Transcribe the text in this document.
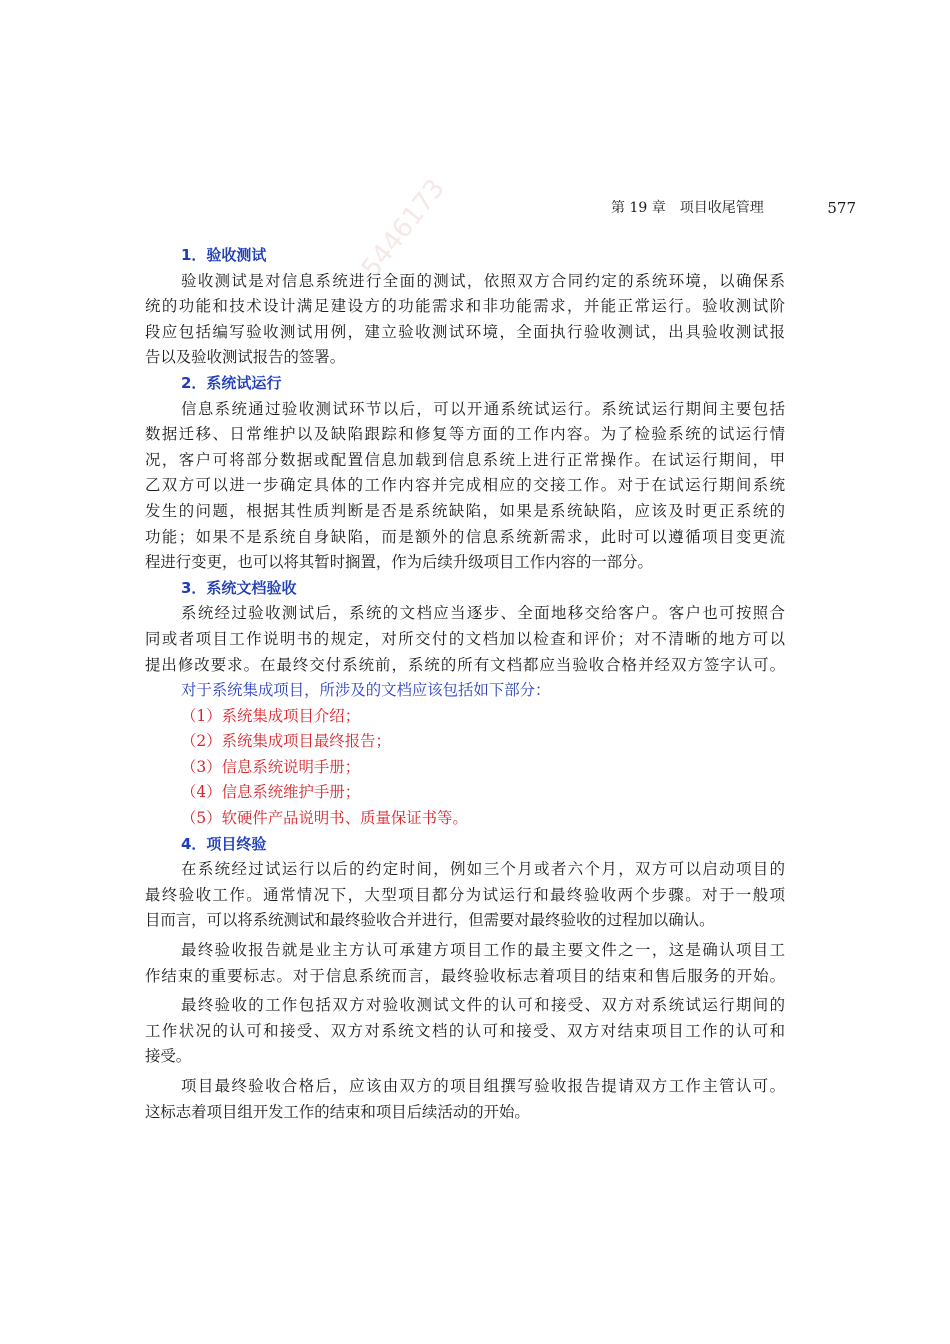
5446173	第 19 章　项目收尾管理	577
1．验收测试
验收测试是对信息系统进行全面的测试，依照双方合同约定的系统环境，以确保系
统的功能和技术设计满足建设方的功能需求和非功能需求，并能正常运行。验收测试阶
段应包括编写验收测试用例，建立验收测试环境，全面执行验收测试，出具验收测试报
告以及验收测试报告的签署。
2．系统试运行
信息系统通过验收测试环节以后，可以开通系统试运行。系统试运行期间主要包括
数据迁移、日常维护以及缺陷跟踪和修复等方面的工作内容。为了检验系统的试运行情
况，客户可将部分数据或配置信息加载到信息系统上进行正常操作。在试运行期间，甲
乙双方可以进一步确定具体的工作内容并完成相应的交接工作。对于在试运行期间系统
发生的问题，根据其性质判断是否是系统缺陷，如果是系统缺陷，应该及时更正系统的
功能；如果不是系统自身缺陷，而是额外的信息系统新需求，此时可以遵循项目变更流
程进行变更，也可以将其暂时搁置，作为后续升级项目工作内容的一部分。
3．系统文档验收
系统经过验收测试后，系统的文档应当逐步、全面地移交给客户。客户也可按照合
同或者项目工作说明书的规定，对所交付的文档加以检查和评价；对不清晰的地方可以
提出修改要求。在最终交付系统前，系统的所有文档都应当验收合格并经双方签字认可。
对于系统集成项目，所涉及的文档应该包括如下部分：
（1）系统集成项目介绍；
（2）系统集成项目最终报告；
（3）信息系统说明手册；
（4）信息系统维护手册；
（5）软硬件产品说明书、质量保证书等。
4．项目终验
在系统经过试运行以后的约定时间，例如三个月或者六个月，双方可以启动项目的
最终验收工作。通常情况下，大型项目都分为试运行和最终验收两个步骤。对于一般项
目而言，可以将系统测试和最终验收合并进行，但需要对最终验收的过程加以确认。
最终验收报告就是业主方认可承建方项目工作的最主要文件之一，这是确认项目工
作结束的重要标志。对于信息系统而言，最终验收标志着项目的结束和售后服务的开始。
最终验收的工作包括双方对验收测试文件的认可和接受、双方对系统试运行期间的
工作状况的认可和接受、双方对系统文档的认可和接受、双方对结束项目工作的认可和
接受。
项目最终验收合格后，应该由双方的项目组撰写验收报告提请双方工作主管认可。
这标志着项目组开发工作的结束和项目后续活动的开始。
